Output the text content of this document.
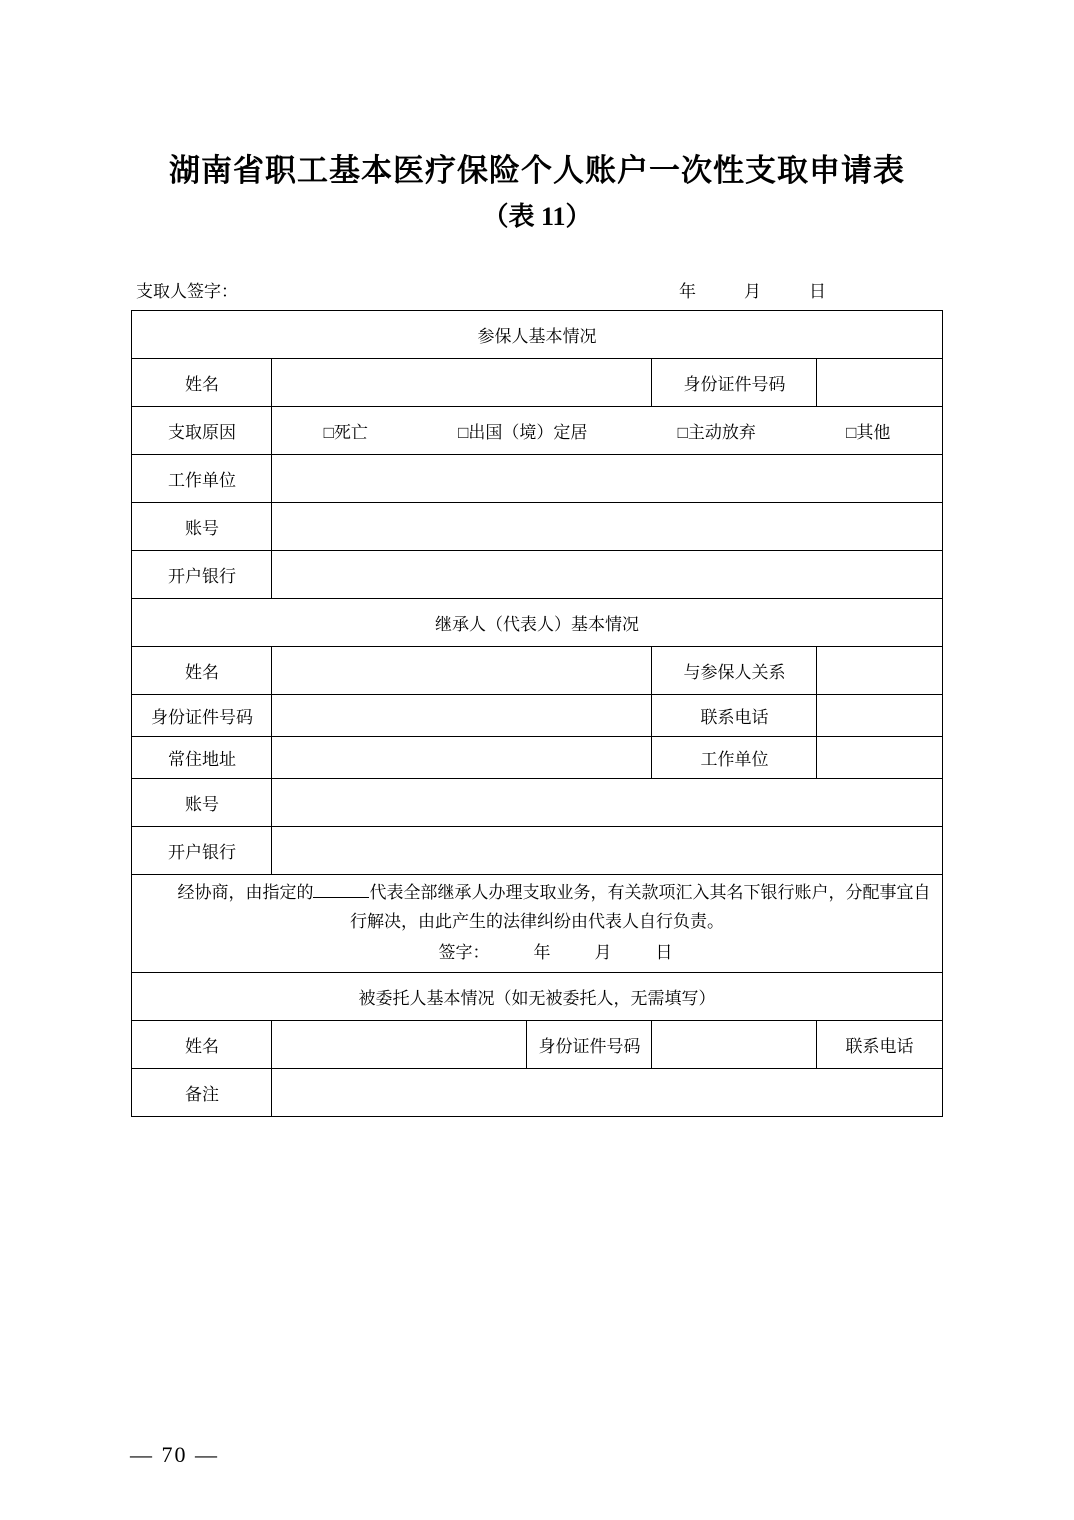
湖南省职工基本医疗保险个人账户一次性支取申请表
（表 11）
支取人签字：	年	月	日
参保人基本情况				
姓名			身份证件号码	
支取原因	□死亡 □出国（境）定居 □主动放弃 □其他			

工作单位				
账号				
开户银行				
继承人（代表人）基本情况				
姓名			与参保人关系	
身份证件号码			联系电话	
常住地址			工作单位	
账号				
开户银行				

经协商，由指定的 代表全部继承人办理支取业务，有关款项汇入其名下银行账户，分配事宜自行解决，由此产生的法律纠纷由代表人自行负责。
签字： 年 月 日				

被委托人基本情况（如无被委托人，无需填写）				
姓名		身份证件号码		联系电话
备注				
— 70 —
